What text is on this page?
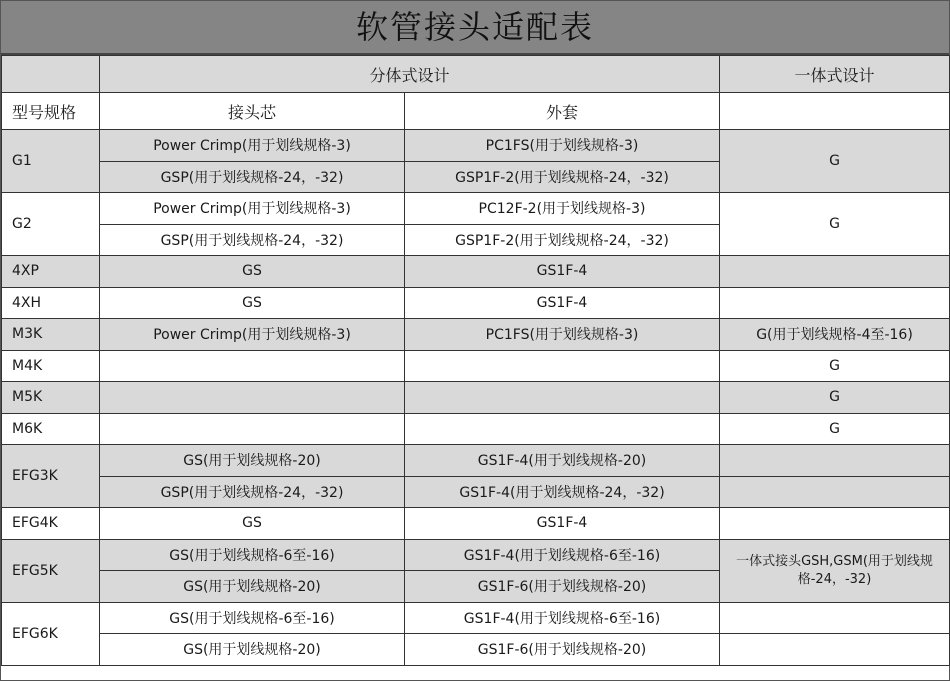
软管接头适配表
	分体式设计		一体式设计
型号规格	接头芯	外套	
G1	Power Crimp(用于划线规格-3)	PC1FS(用于划线规格-3)	G
	GSP(用于划线规格-24，-32)	GSP1F-2(用于划线规格-24，-32)	
G2	Power Crimp(用于划线规格-3)	PC12F-2(用于划线规格-3)	G
	GSP(用于划线规格-24，-32)	GSP1F-2(用于划线规格-24，-32)	
4XP	GS	GS1F-4	
4XH	GS	GS1F-4	
M3K	Power Crimp(用于划线规格-3)	PC1FS(用于划线规格-3)	G(用于划线规格-4至-16)
M4K			G
M5K			G
M6K			G
EFG3K	GS(用于划线规格-20)	GS1F-4(用于划线规格-20)	
	GSP(用于划线规格-24，-32)	GS1F-4(用于划线规格-24，-32)	
EFG4K	GS	GS1F-4	
EFG5K	GS(用于划线规格-6至-16)	GS1F-4(用于划线规格-6至-16)	一体式接头GSH,GSM(用于划线规格-24，-32)
	GS(用于划线规格-20)	GS1F-6(用于划线规格-20)	
EFG6K	GS(用于划线规格-6至-16)	GS1F-4(用于划线规格-6至-16)	
	GS(用于划线规格-20)	GS1F-6(用于划线规格-20)	
